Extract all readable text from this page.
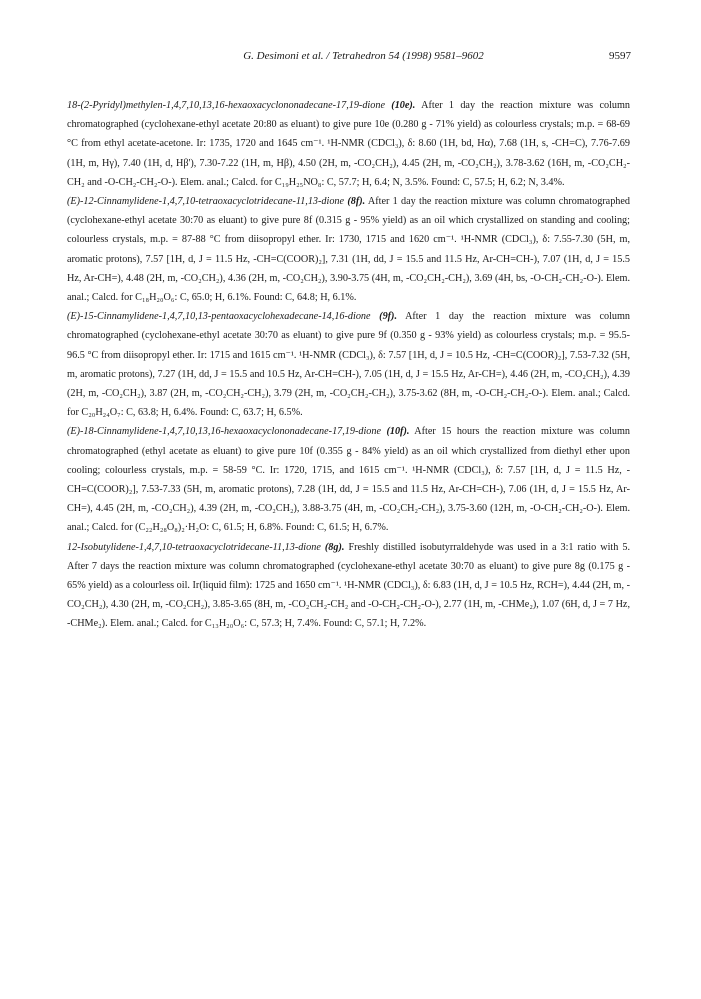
G. Desimoni et al. / Tetrahedron 54 (1998) 9581–9602	9597

18-(2-Pyridyl)methylen-1,4,7,10,13,16-hexaoxacyclononadecane-17,19-dione (10e). After 1 day the reaction mixture was column chromatographed (cyclohexane-ethyl acetate 20:80 as eluant) to give pure 10e (0.280 g - 71% yield) as colourless crystals; m.p. = 68-69 °C from ethyl acetate-acetone. Ir: 1735, 1720 and 1645 cm⁻¹. ¹H-NMR (CDCl₃), δ: 8.60 (1H, bd, Hα), 7.68 (1H, s, -CH=C), 7.76-7.69 (1H, m, Hγ), 7.40 (1H, d, Hβ'), 7.30-7.22 (1H, m, Hβ), 4.50 (2H, m, -CO₂CH₂), 4.45 (2H, m, -CO₂CH₂), 3.78-3.62 (16H, m, -CO₂CH₂-CH₂ and -O-CH₂-CH₂-O-). Elem. anal.; Calcd. for C₁₉H₂₅NO₈: C, 57.7; H, 6.4; N, 3.5%. Found: C, 57.5; H, 6.2; N, 3.4%.

(E)-12-Cinnamylidene-1,4,7,10-tetraoxacyclotridecane-11,13-dione (8f). After 1 day the reaction mixture was column chromatographed (cyclohexane-ethyl acetate 30:70 as eluant) to give pure 8f (0.315 g - 95% yield) as an oil which crystallized on standing and cooling; colourless crystals, m.p. = 87-88 °C from diisopropyl ether. Ir: 1730, 1715 and 1620 cm⁻¹. ¹H-NMR (CDCl₃), δ: 7.55-7.30 (5H, m, aromatic protons), 7.57 [1H, d, J = 11.5 Hz, -CH=C(COOR)₂], 7.31 (1H, dd, J = 15.5 and 11.5 Hz, Ar-CH=CH-), 7.07 (1H, d, J = 15.5 Hz, Ar-CH=), 4.48 (2H, m, -CO₂CH₂), 4.36 (2H, m, -CO₂CH₂), 3.90-3.75 (4H, m, -CO₂CH₂-CH₂), 3.69 (4H, bs, -O-CH₂-CH₂-O-). Elem. anal.; Calcd. for C₁₈H₂₀O₆: C, 65.0; H, 6.1%. Found: C, 64.8; H, 6.1%.

(E)-15-Cinnamylidene-1,4,7,10,13-pentaoxacyclohexadecane-14,16-dione (9f). After 1 day the reaction mixture was column chromatographed (cyclohexane-ethyl acetate 30:70 as eluant) to give pure 9f (0.350 g - 93% yield) as colourless crystals; m.p. = 95.5-96.5 °C from diisopropyl ether. Ir: 1715 and 1615 cm⁻¹. ¹H-NMR (CDCl₃), δ: 7.57 [1H, d, J = 10.5 Hz, -CH=C(COOR)₂], 7.53-7.32 (5H, m, aromatic protons), 7.27 (1H, dd, J = 15.5 and 10.5 Hz, Ar-CH=CH-), 7.05 (1H, d, J = 15.5 Hz, Ar-CH=), 4.46 (2H, m, -CO₂CH₂), 4.39 (2H, m, -CO₂CH₂), 3.87 (2H, m, -CO₂CH₂-CH₂), 3.79 (2H, m, -CO₂CH₂-CH₂), 3.75-3.62 (8H, m, -O-CH₂-CH₂-O-). Elem. anal.; Calcd. for C₂₀H₂₄O₇: C, 63.8; H, 6.4%. Found: C, 63.7; H, 6.5%.

(E)-18-Cinnamylidene-1,4,7,10,13,16-hexaoxacyclononadecane-17,19-dione (10f). After 15 hours the reaction mixture was column chromatographed (ethyl acetate as eluant) to give pure 10f (0.355 g - 84% yield) as an oil which crystallized from diethyl ether upon cooling; colourless crystals, m.p. = 58-59 °C. Ir: 1720, 1715, and 1615 cm⁻¹. ¹H-NMR (CDCl₃), δ: 7.57 [1H, d, J = 11.5 Hz, -CH=C(COOR)₂], 7.53-7.33 (5H, m, aromatic protons), 7.28 (1H, dd, J = 15.5 and 11.5 Hz, Ar-CH=CH-), 7.06 (1H, d, J = 15.5 Hz, Ar-CH=), 4.45 (2H, m, -CO₂CH₂), 4.39 (2H, m, -CO₂CH₂), 3.88-3.75 (4H, m, -CO₂CH₂-CH₂), 3.75-3.60 (12H, m, -O-CH₂-CH₂-O-). Elem. anal.; Calcd. for (C₂₂H₂₈O₈)₂·H₂O: C, 61.5; H, 6.8%. Found: C, 61.5; H, 6.7%.

12-Isobutylidene-1,4,7,10-tetraoxacyclotridecane-11,13-dione (8g). Freshly distilled isobutyrraldehyde was used in a 3:1 ratio with 5. After 7 days the reaction mixture was column chromatographed (cyclohexane-ethyl acetate 30:70 as eluant) to give pure 8g (0.175 g - 65% yield) as a colourless oil. Ir(liquid film): 1725 and 1650 cm⁻¹. ¹H-NMR (CDCl₃), δ: 6.83 (1H, d, J = 10.5 Hz, RCH=), 4.44 (2H, m, -CO₂CH₂), 4.30 (2H, m, -CO₂CH₂), 3.85-3.65 (8H, m, -CO₂CH₂-CH₂ and -O-CH₂-CH₂-O-), 2.77 (1H, m, -CHMe₂), 1.07 (6H, d, J = 7 Hz, -CHMe₂). Elem. anal.; Calcd. for C₁₃H₂₀O₆: C, 57.3; H, 7.4%. Found: C, 57.1; H, 7.2%.
